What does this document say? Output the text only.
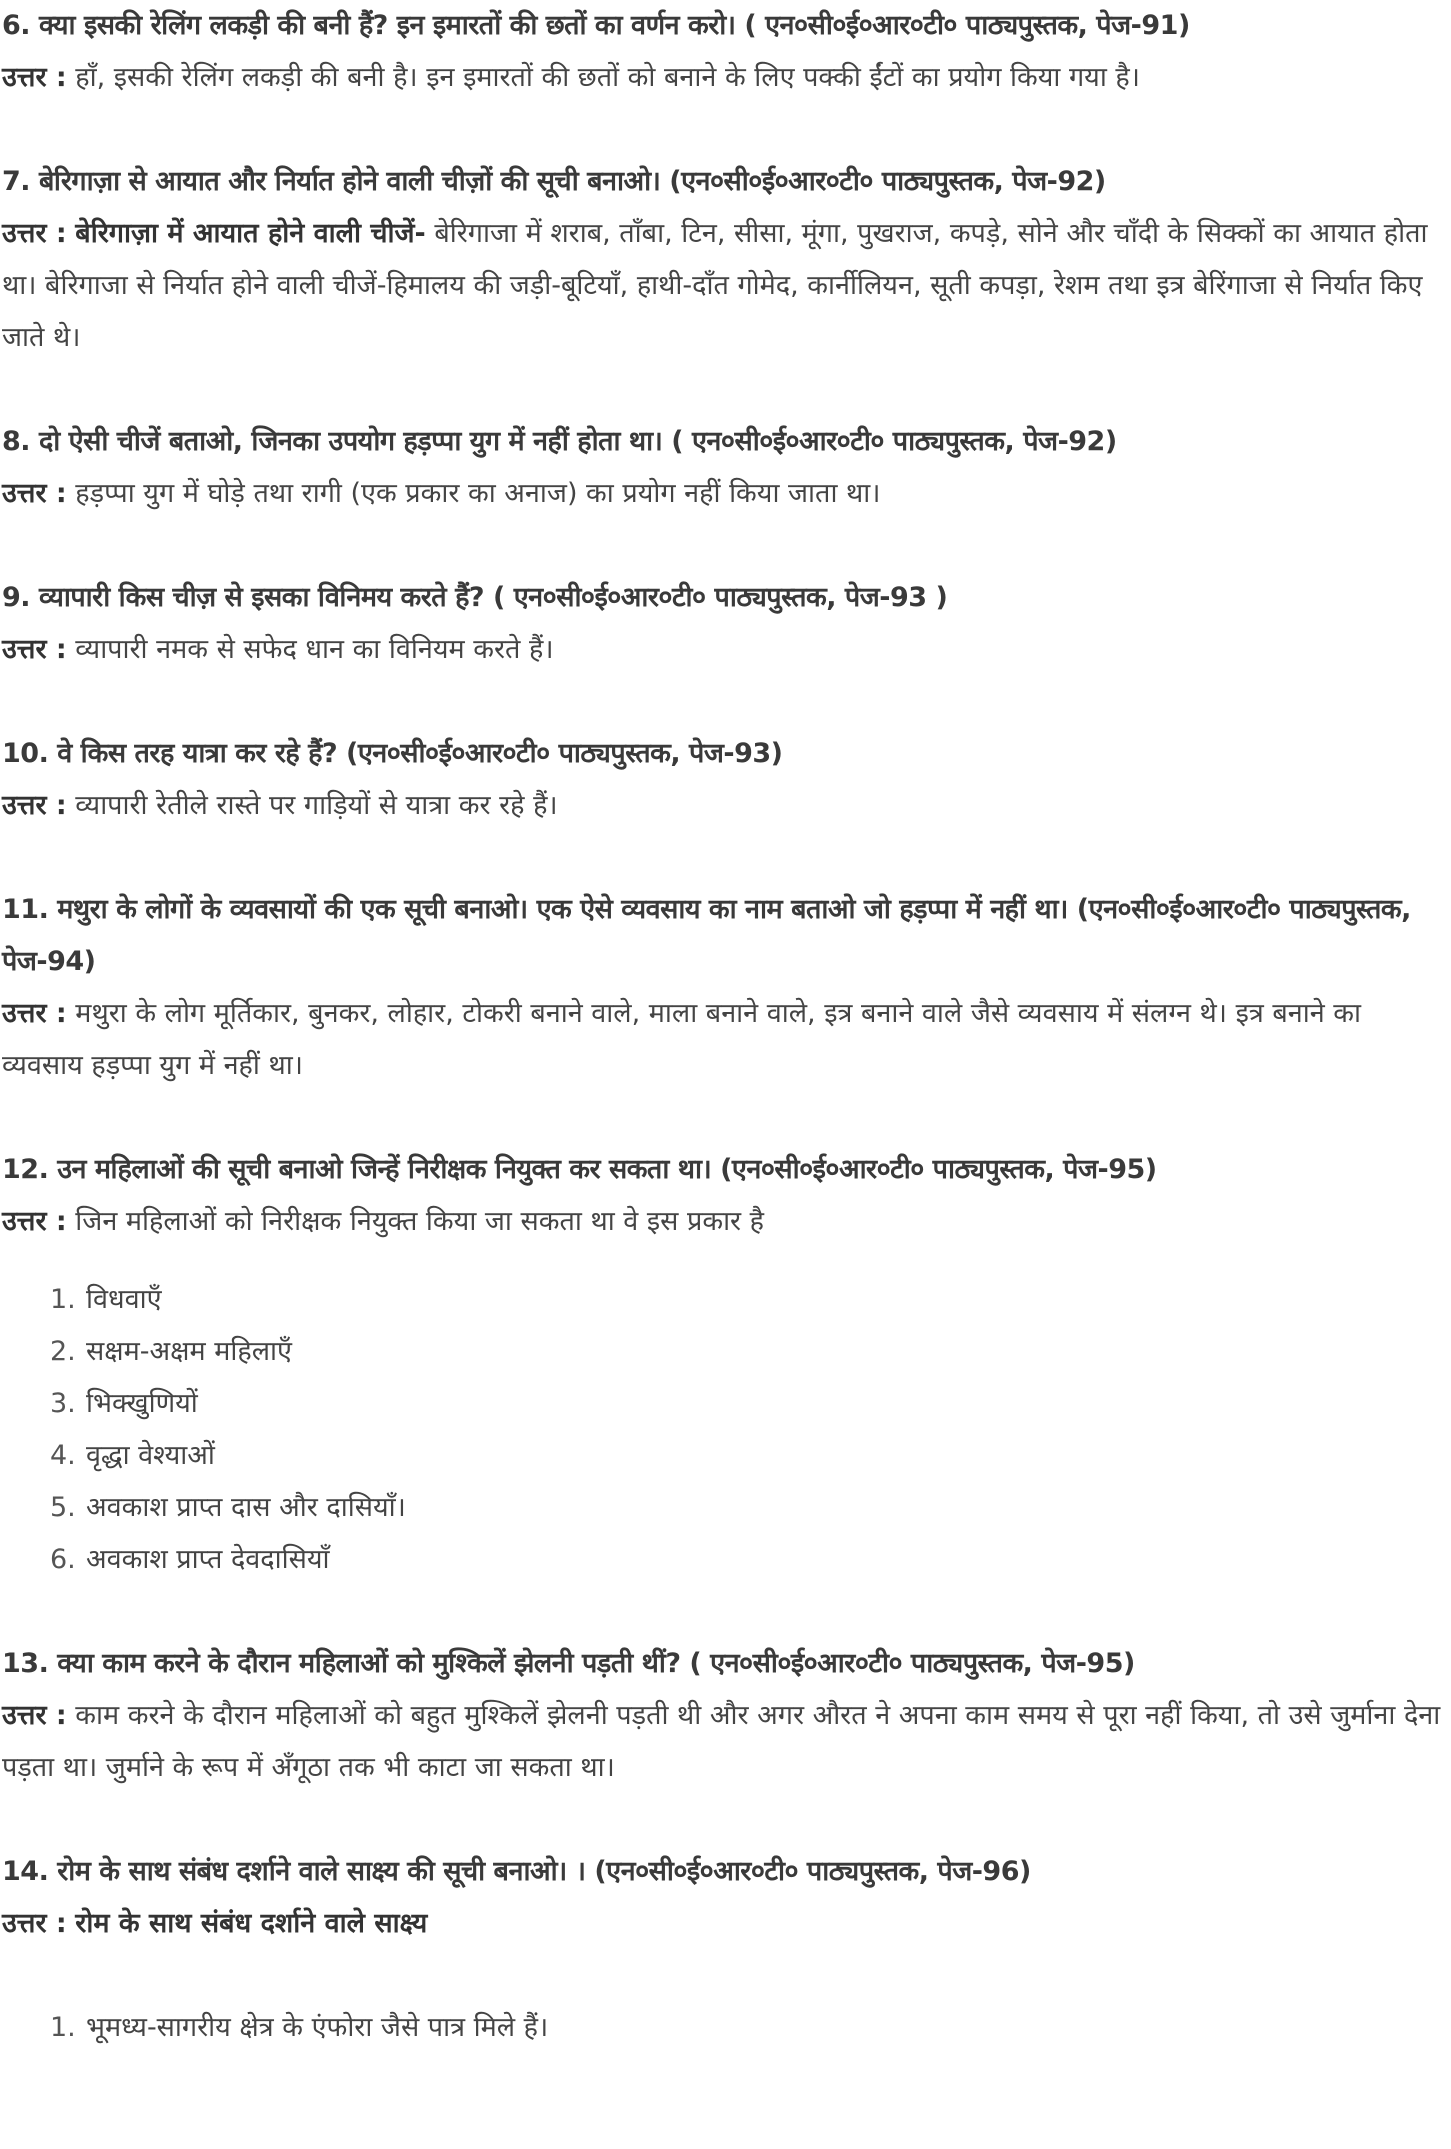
6. क्या इसकी रेलिंग लकड़ी की बनी हैं? इन इमारतों की छतों का वर्णन करो। ( एन०सी०ई०आर०टी० पाठ्यपुस्तक, पेज-91)
उत्तर : हाँ, इसकी रेलिंग लकड़ी की बनी है। इन इमारतों की छतों को बनाने के लिए पक्की ईंटों का प्रयोग किया गया है।
7. बेरिगाज़ा से आयात और निर्यात होने वाली चीज़ों की सूची बनाओ। (एन०सी०ई०आर०टी० पाठ्यपुस्तक, पेज-92)
उत्तर : बेरिगाज़ा में आयात होने वाली चीजें- बेरिगाजा में शराब, ताँबा, टिन, सीसा, मूंगा, पुखराज, कपड़े, सोने और चाँदी के सिक्कों का आयात होता था। बेरिगाजा से निर्यात होने वाली चीजें-हिमालय की जड़ी-बूटियाँ, हाथी-दाँत गोमेद, कार्नीलियन, सूती कपड़ा, रेशम तथा इत्र बेरिंगाजा से निर्यात किए जाते थे।
8. दो ऐसी चीजें बताओ, जिनका उपयोग हड़प्पा युग में नहीं होता था। ( एन०सी०ई०आर०टी० पाठ्यपुस्तक, पेज-92)
उत्तर : हड़प्पा युग में घोड़े तथा रागी (एक प्रकार का अनाज) का प्रयोग नहीं किया जाता था।
9. व्यापारी किस चीज़ से इसका विनिमय करते हैं? ( एन०सी०ई०आर०टी० पाठ्यपुस्तक, पेज-93 )
उत्तर : व्यापारी नमक से सफेद धान का विनियम करते हैं।
10. वे किस तरह यात्रा कर रहे हैं? (एन०सी०ई०आर०टी० पाठ्यपुस्तक, पेज-93)
उत्तर : व्यापारी रेतीले रास्ते पर गाड़ियों से यात्रा कर रहे हैं।
11. मथुरा के लोगों के व्यवसायों की एक सूची बनाओ। एक ऐसे व्यवसाय का नाम बताओ जो हड़प्पा में नहीं था। (एन०सी०ई०आर०टी० पाठ्यपुस्तक, पेज-94)
उत्तर : मथुरा के लोग मूर्तिकार, बुनकर, लोहार, टोकरी बनाने वाले, माला बनाने वाले, इत्र बनाने वाले जैसे व्यवसाय में संलग्न थे। इत्र बनाने का व्यवसाय हड़प्पा युग में नहीं था।
12. उन महिलाओं की सूची बनाओ जिन्हें निरीक्षक नियुक्त कर सकता था। (एन०सी०ई०आर०टी० पाठ्यपुस्तक, पेज-95)
उत्तर : जिन महिलाओं को निरीक्षक नियुक्त किया जा सकता था वे इस प्रकार है
1. विधवाएँ
2. सक्षम-अक्षम महिलाएँ
3. भिक्खुणियों
4. वृद्धा वेश्याओं
5. अवकाश प्राप्त दास और दासियाँ।
6. अवकाश प्राप्त देवदासियाँ
13. क्या काम करने के दौरान महिलाओं को मुश्किलें झेलनी पड़ती थीं? ( एन०सी०ई०आर०टी० पाठ्यपुस्तक, पेज-95)
उत्तर : काम करने के दौरान महिलाओं को बहुत मुश्किलें झेलनी पड़ती थी और अगर औरत ने अपना काम समय से पूरा नहीं किया, तो उसे जुर्माना देना पड़ता था। जुर्माने के रूप में अँगूठा तक भी काटा जा सकता था।
14. रोम के साथ संबंध दर्शाने वाले साक्ष्य की सूची बनाओ। । (एन०सी०ई०आर०टी० पाठ्यपुस्तक, पेज-96)
उत्तर : रोम के साथ संबंध दर्शाने वाले साक्ष्य
1. भूमध्य-सागरीय क्षेत्र के एंफोरा जैसे पात्र मिले हैं।
